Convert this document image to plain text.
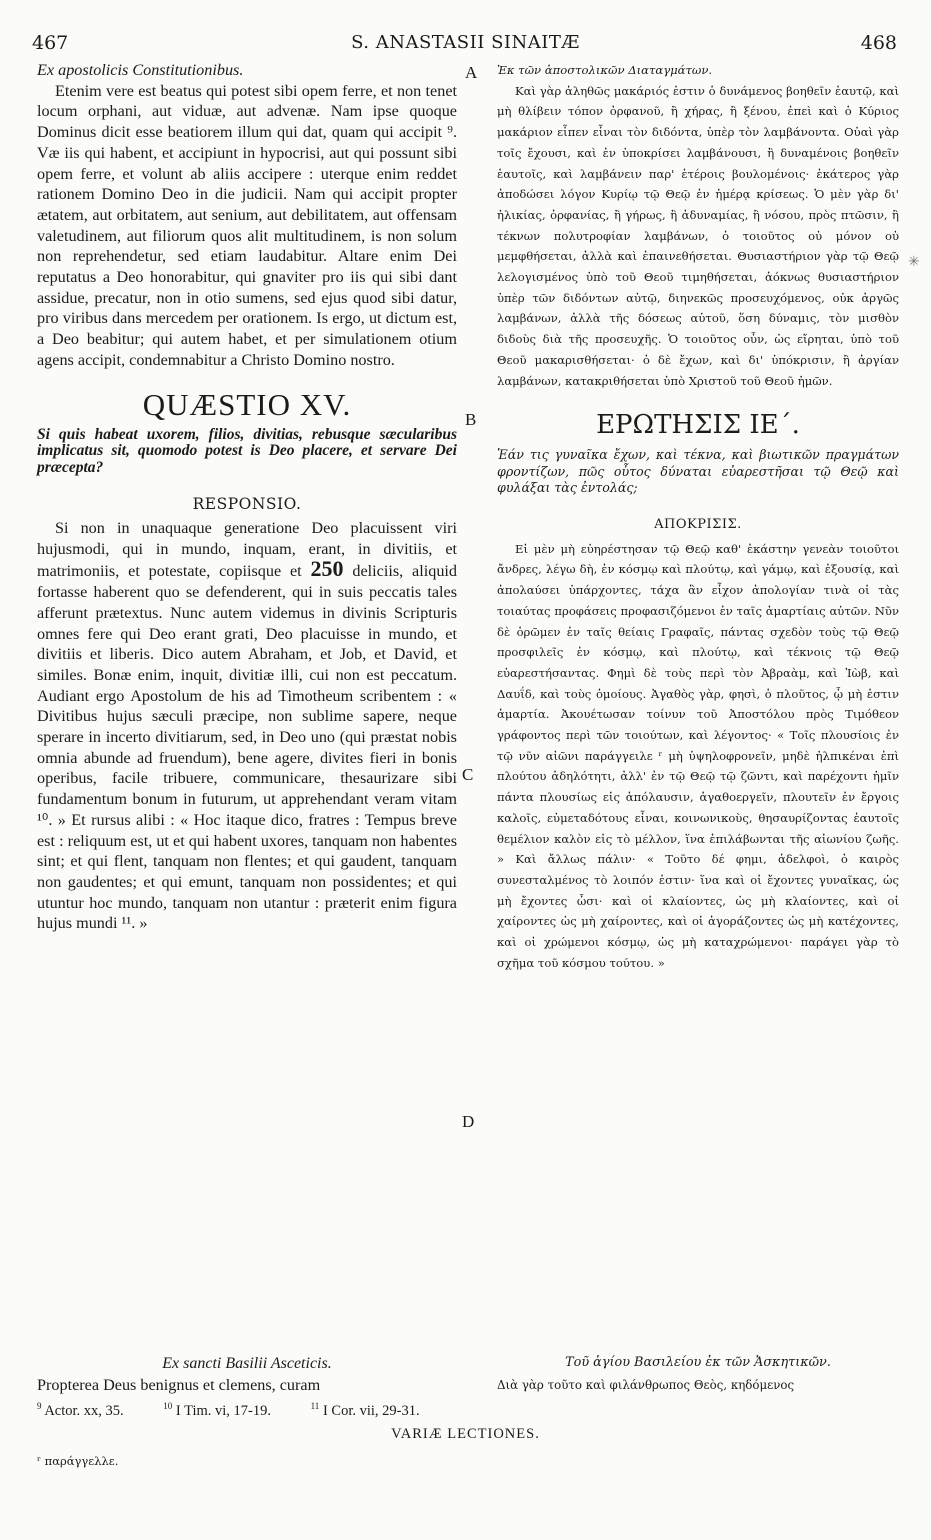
467	S. ANASTASII SINAITÆ	468

Ex apostolicis Constitutionibus.

Etenim vere est beatus qui potest sibi opem ferre, et non tenet locum orphani, aut viduæ, aut advenæ. Nam ipse quoque Dominus dicit esse beatiorem illum qui dat, quam qui accipit ⁹. Væ iis qui habent, et accipiunt in hypocrisi, aut qui possunt sibi opem ferre, et volunt ab aliis accipere : uterque enim reddet rationem Domino Deo in die judicii. Nam qui accipit propter ætatem, aut orbitatem, aut senium, aut debilitatem, aut offensam valetudinem, aut filiorum quos alit multitudinem, is non solum non reprehendetur, sed etiam laudabitur. Altare enim Dei reputatus a Deo honorabitur, qui gnaviter pro iis qui sibi dant assidue, precatur, non in otio sumens, sed ejus quod sibi datur, pro viribus dans mercedem per orationem. Is ergo, ut dictum est, a Deo beabitur; qui autem habet, et per simulationem otium agens accipit, condemnabitur a Christo Domino nostro.

QUÆSTIO XV.

Si quis habeat uxorem, filios, divitias, rebusque sæcularibus implicatus sit, quomodo potest is Deo placere, et servare Dei præcepta?

RESPONSIO.

Si non in unaquaque generatione Deo placuissent viri hujusmodi, qui in mundo, inquam, erant, in divitiis, et matrimoniis, et potestate, copiisque et 250 deliciis, aliquid fortasse haberent quo se defenderent, qui in suis peccatis tales afferunt prætextus. Nunc autem videmus in divinis Scripturis omnes fere qui Deo erant grati, Deo placuisse in mundo, et divitiis et liberis. Dico autem Abraham, et Job, et David, et similes. Bonæ enim, inquit, divitiæ illi, cui non est peccatum. Audiant ergo Apostolum de his ad Timotheum scribentem : « Divitibus hujus sæculi præcipe, non sublime sapere, neque sperare in incerto divitiarum, sed, in Deo uno (qui præstat nobis omnia abunde ad fruendum), bene agere, divites fieri in bonis operibus, facile tribuere, communicare, thesaurizare sibi fundamentum bonum in futurum, ut apprehendant veram vitam ¹⁰. » Et rursus alibi : « Hoc itaque dico, fratres : Tempus breve est : reliquum est, ut et qui habent uxores, tanquam non habentes sint; et qui flent, tanquam non flentes; et qui gaudent, tanquam non gaudentes; et qui emunt, tanquam non possidentes; et qui utuntur hoc mundo, tanquam non utantur : præterit enim figura hujus mundi ¹¹. »

Ἐκ τῶν ἀποστολικῶν Διαταγμάτων.

Καὶ γὰρ ἀληθῶς μακάριός ἐστιν ὁ δυνάμενος βοηθεῖν ἑαυτῷ, καὶ μὴ θλίβειν τόπον ὀρφανοῦ, ἢ χήρας, ἢ ξένου, ἐπεὶ καὶ ὁ Κύριος μακάριον εἶπεν εἶναι τὸν διδόντα, ὑπὲρ τὸν λαμβάνοντα. Οὐαὶ γὰρ τοῖς ἔχουσι, καὶ ἐν ὑποκρίσει λαμβάνουσι, ἢ δυναμένοις βοηθεῖν ἑαυτοῖς, καὶ λαμβάνειν παρ' ἑτέροις βουλομένοις· ἑκάτερος γὰρ ἀποδώσει λόγον Κυρίῳ τῷ Θεῷ ἐν ἡμέρᾳ κρίσεως. Ὁ μὲν γὰρ δι' ἡλικίας, ὀρφανίας, ἢ γήρως, ἢ ἀδυναμίας, ἢ νόσου, πρὸς πτῶσιν, ἢ τέκνων πολυτροφίαν λαμβάνων, ὁ τοιοῦτος οὐ μόνον οὐ μεμφθήσεται, ἀλλὰ καὶ ἐπαινεθήσεται. Θυσιαστήριον γὰρ τῷ Θεῷ λελογισμένος ὑπὸ τοῦ Θεοῦ τιμηθήσεται, ἀόκνως θυσιαστήριον ὑπὲρ τῶν διδόντων αὐτῷ, διηνεκῶς προσευχόμενος, οὐκ ἀργῶς λαμβάνων, ἀλλὰ τῆς δόσεως αὐτοῦ, ὅση δύναμις, τὸν μισθὸν διδοὺς διὰ τῆς προσευχῆς. Ὁ τοιοῦτος οὖν, ὡς εἴρηται, ὑπὸ τοῦ Θεοῦ μακαρισθήσεται· ὁ δὲ ἔχων, καὶ δι' ὑπόκρισιν, ἢ ἀργίαν λαμβάνων, κατακριθήσεται ὑπὸ Χριστοῦ τοῦ Θεοῦ ἡμῶν.

ΕΡΩΤΗΣΙΣ ΙΕ΄.

Ἐάν τις γυναῖκα ἔχων, καὶ τέκνα, καὶ βιωτικῶν πραγμάτων φροντίζων, πῶς οὗτος δύναται εὐαρεστῆσαι τῷ Θεῷ καὶ φυλάξαι τὰς ἐντολάς;

ΑΠΟΚΡΙΣΙΣ.

Εἰ μὲν μὴ εὐηρέστησαν τῷ Θεῷ καθ' ἑκάστην γενεὰν τοιοῦτοι ἄνδρες, λέγω δὴ, ἐν κόσμῳ καὶ πλούτῳ, καὶ γάμῳ, καὶ ἐξουσίᾳ, καὶ ἀπολαύσει ὑπάρχοντες, τάχα ἂν εἶχον ἀπολογίαν τινὰ οἱ τὰς τοιαύτας προφάσεις προφασιζόμενοι ἐν ταῖς ἁμαρτίαις αὐτῶν. Νῦν δὲ ὁρῶμεν ἐν ταῖς θείαις Γραφαῖς, πάντας σχεδὸν τοὺς τῷ Θεῷ προσφιλεῖς ἐν κόσμῳ, καὶ πλούτῳ, καὶ τέκνοις τῷ Θεῷ εὐαρεστήσαντας. Φημὶ δὲ τοὺς περὶ τὸν Ἀβραὰμ, καὶ Ἰὼβ, καὶ Δαυΐδ, καὶ τοὺς ὁμοίους. Ἀγαθὸς γὰρ, φησὶ, ὁ πλοῦτος, ᾧ μὴ ἐστιν ἁμαρτία. Ἀκουέτωσαν τοίνυν τοῦ Ἀποστόλου πρὸς Τιμόθεον γράφοντος περὶ τῶν τοιούτων, καὶ λέγοντος· « Τοῖς πλουσίοις ἐν τῷ νῦν αἰῶνι παράγγειλε ʳ μὴ ὑψηλοφρονεῖν, μηδὲ ἠλπικέναι ἐπὶ πλούτου ἀδηλότητι, ἀλλ' ἐν τῷ Θεῷ τῷ ζῶντι, καὶ παρέχοντι ἡμῖν πάντα πλουσίως εἰς ἀπόλαυσιν, ἀγαθοεργεῖν, πλουτεῖν ἐν ἔργοις καλοῖς, εὐμεταδότους εἶναι, κοινωνικοὺς, θησαυρίζοντας ἑαυτοῖς θεμέλιον καλὸν εἰς τὸ μέλλον, ἵνα ἐπιλάβωνται τῆς αἰωνίου ζωῆς. » Καὶ ἄλλως πάλιν· « Τοῦτο δέ φημι, ἀδελφοὶ, ὁ καιρὸς συνεσταλμένος τὸ λοιπόν ἐστιν· ἵνα καὶ οἱ ἔχοντες γυναῖκας, ὡς μὴ ἔχοντες ὦσι· καὶ οἱ κλαίοντες, ὡς μὴ κλαίοντες, καὶ οἱ χαίροντες ὡς μὴ χαίροντες, καὶ οἱ ἀγοράζοντες ὡς μὴ κατέχοντες, καὶ οἱ χρώμενοι κόσμῳ, ὡς μὴ καταχρώμενοι· παράγει γὰρ τὸ σχῆμα τοῦ κόσμου τούτου. »

A
B
C
D
✳
Ex sancti Basilii Asceticis.	Τοῦ ἁγίου Βασιλείου ἐκ τῶν Ἀσκητικῶν.
Propterea Deus benignus et clemens, curam	Διὰ γὰρ τοῦτο καὶ φιλάνθρωπος Θεὸς, κηδόμενος
$^9$ Actor. xx, 35.	$^{10}$ I Tim. vi, 17-19.	$^{11}$ I Cor. vii, 29-31.
VARIÆ LECTIONES.
ʳ παράγγελλε.
